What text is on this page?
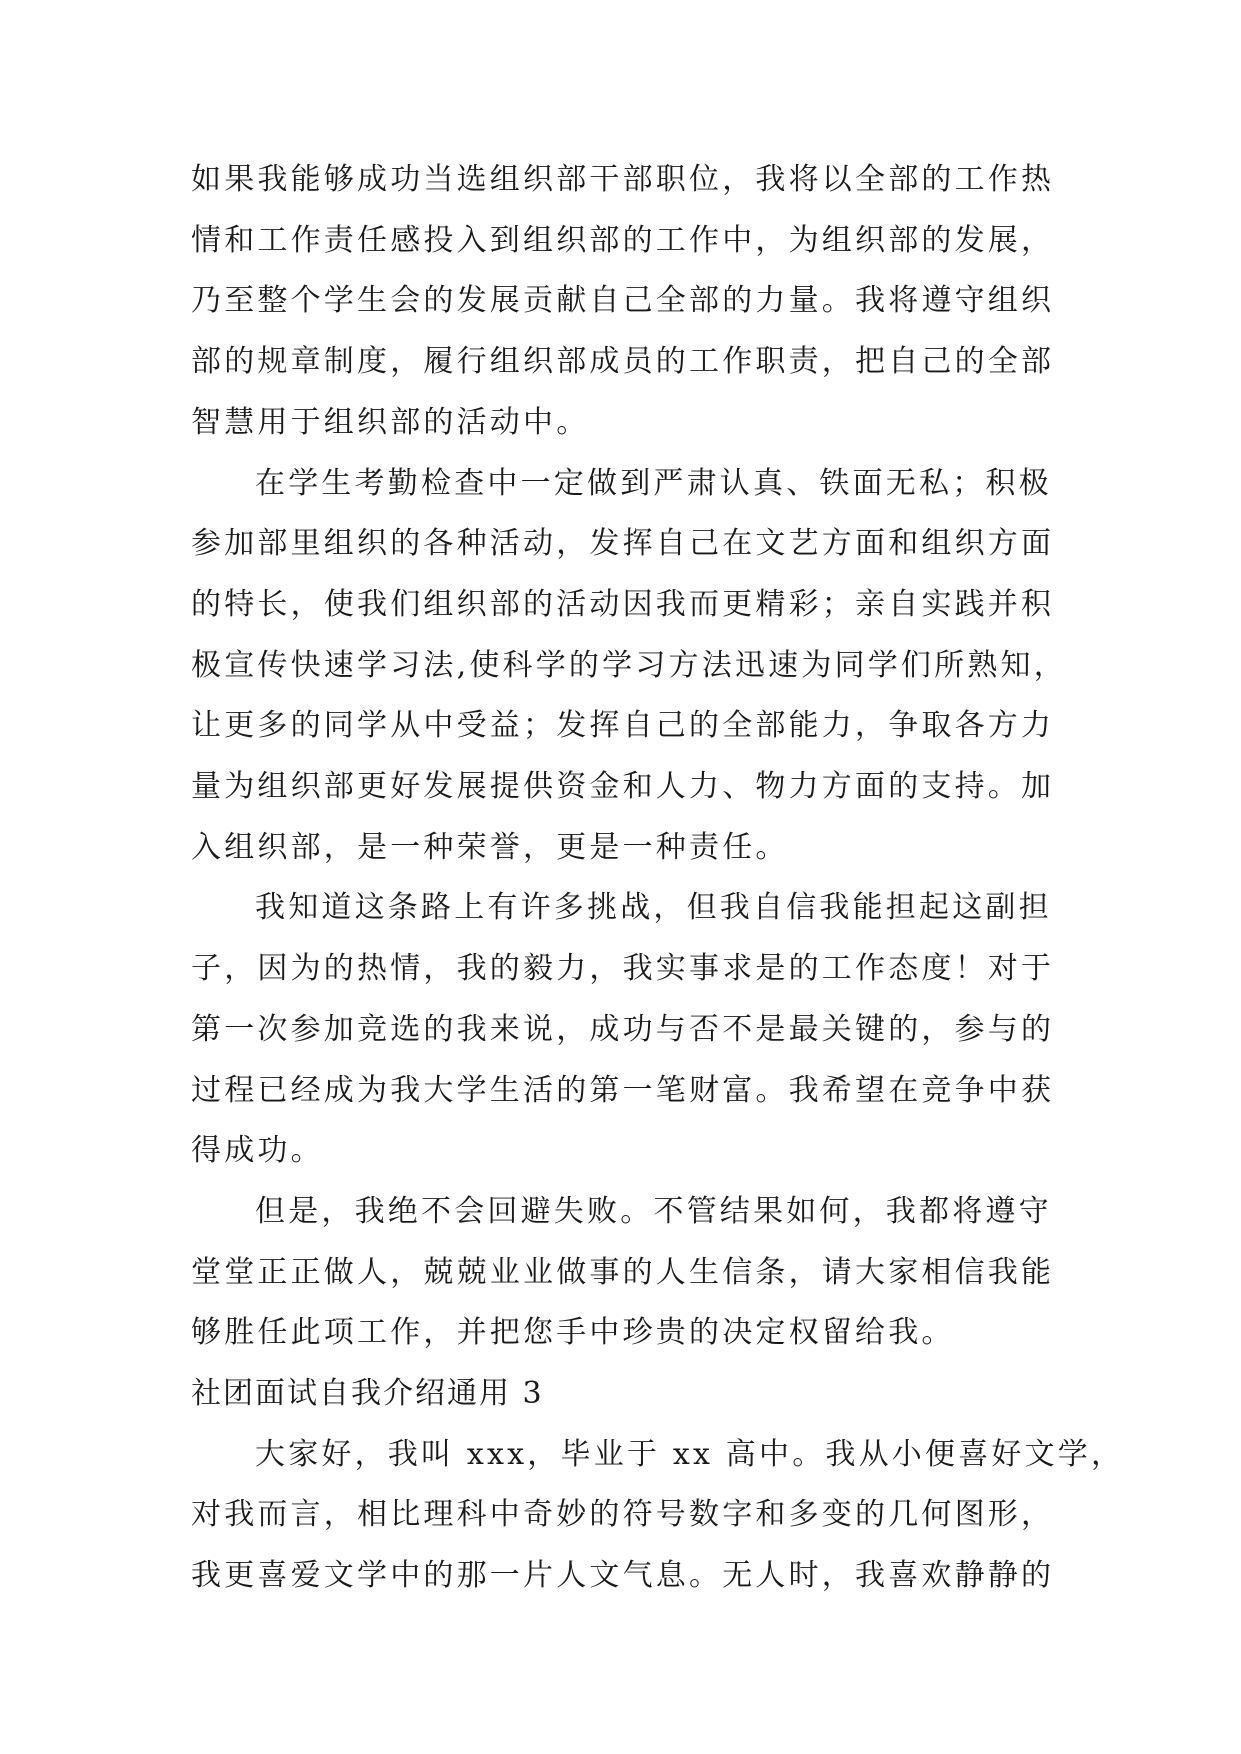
如果我能够成功当选组织部干部职位，我将以全部的工作热
情和工作责任感投入到组织部的工作中，为组织部的发展，
乃至整个学生会的发展贡献自己全部的力量。我将遵守组织
部的规章制度，履行组织部成员的工作职责，把自己的全部
智慧用于组织部的活动中。

在学生考勤检查中一定做到严肃认真、铁面无私；积极
参加部里组织的各种活动，发挥自己在文艺方面和组织方面
的特长，使我们组织部的活动因我而更精彩；亲自实践并积
极宣传快速学习法,使科学的学习方法迅速为同学们所熟知，
让更多的同学从中受益；发挥自己的全部能力，争取各方力
量为组织部更好发展提供资金和人力、物力方面的支持。加
入组织部，是一种荣誉，更是一种责任。

我知道这条路上有许多挑战，但我自信我能担起这副担
子，因为的热情，我的毅力，我实事求是的工作态度！对于
第一次参加竞选的我来说，成功与否不是最关键的，参与的
过程已经成为我大学生活的第一笔财富。我希望在竞争中获
得成功。

但是，我绝不会回避失败。不管结果如何，我都将遵守
堂堂正正做人，兢兢业业做事的人生信条，请大家相信我能
够胜任此项工作，并把您手中珍贵的决定权留给我。

社团面试自我介绍通用 3

大家好，我叫 xxx，毕业于 xx 高中。我从小便喜好文学，
对我而言，相比理科中奇妙的符号数字和多变的几何图形，
我更喜爱文学中的那一片人文气息。无人时，我喜欢静静的
